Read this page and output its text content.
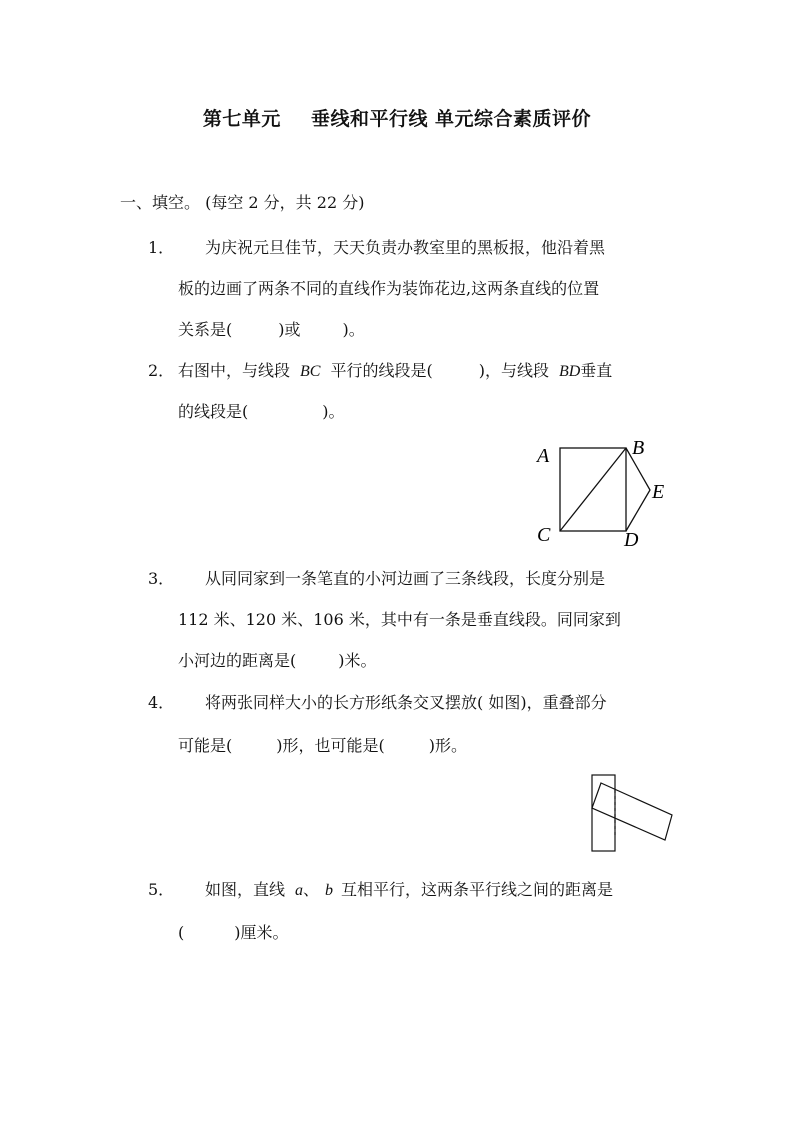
第七单元 垂线和平行线 单元综合素质评价
一、填空。 (每空 2 分，共 22 分)
1． 为庆祝元旦佳节，天天负责办教室里的黑板报，他沿着黑
板的边画了两条不同的直线作为装饰花边,这两条直线的位置
关系是(	)或	)。
2． 右图中，与线段 BC 平行的线段是(	)，与线段 BD垂直
的线段是(	)。
A	B
C	D
E
3． 从同同家到一条笔直的小河边画了三条线段，长度分别是
112 米、120 米、106 米，其中有一条是垂直线段。同同家到
小河边的距离是(	)米。
4． 将两张同样大小的长方形纸条交叉摆放( 如图)，重叠部分
可能是(	)形，也可能是(	)形。
5． 如图，直线 a、 b 互相平行，这两条平行线之间的距离是
(	)厘米。
